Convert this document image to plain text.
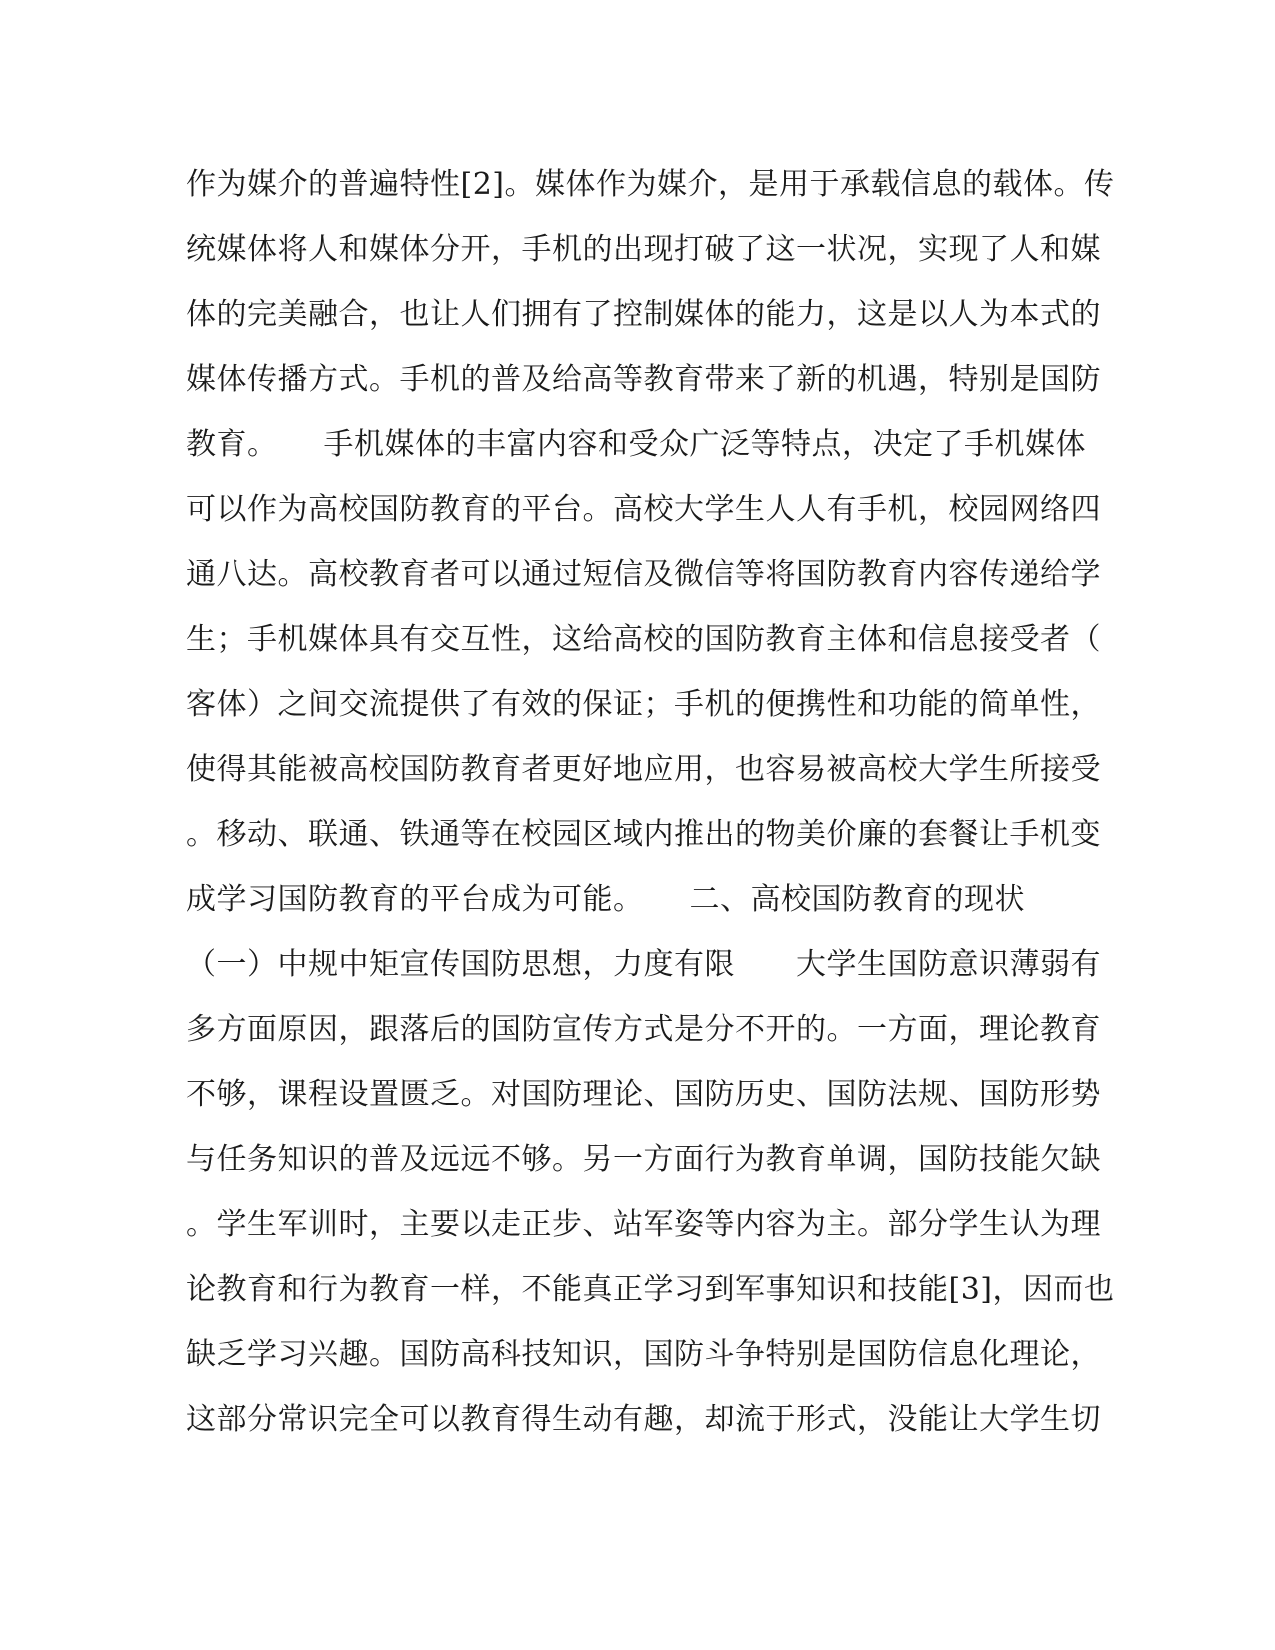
作为媒介的普遍特性[2]。媒体作为媒介，是用于承载信息的载体。传
统媒体将人和媒体分开，手机的出现打破了这一状况，实现了人和媒
体的完美融合，也让人们拥有了控制媒体的能力，这是以人为本式的
媒体传播方式。手机的普及给高等教育带来了新的机遇，特别是国防
教育。　　手机媒体的丰富内容和受众广泛等特点，决定了手机媒体
可以作为高校国防教育的平台。高校大学生人人有手机，校园网络四
通八达。高校教育者可以通过短信及微信等将国防教育内容传递给学
生；手机媒体具有交互性，这给高校的国防教育主体和信息接受者（
客体）之间交流提供了有效的保证；手机的便携性和功能的简单性，
使得其能被高校国防教育者更好地应用，也容易被高校大学生所接受
。移动、联通、铁通等在校园区域内推出的物美价廉的套餐让手机变
成学习国防教育的平台成为可能。　　二、高校国防教育的现状
（一）中规中矩宣传国防思想，力度有限　　大学生国防意识薄弱有
多方面原因，跟落后的国防宣传方式是分不开的。一方面，理论教育
不够，课程设置匮乏。对国防理论、国防历史、国防法规、国防形势
与任务知识的普及远远不够。另一方面行为教育单调，国防技能欠缺
。学生军训时，主要以走正步、站军姿等内容为主。部分学生认为理
论教育和行为教育一样，不能真正学习到军事知识和技能[3]，因而也
缺乏学习兴趣。国防高科技知识，国防斗争特别是国防信息化理论，
这部分常识完全可以教育得生动有趣，却流于形式，没能让大学生切
